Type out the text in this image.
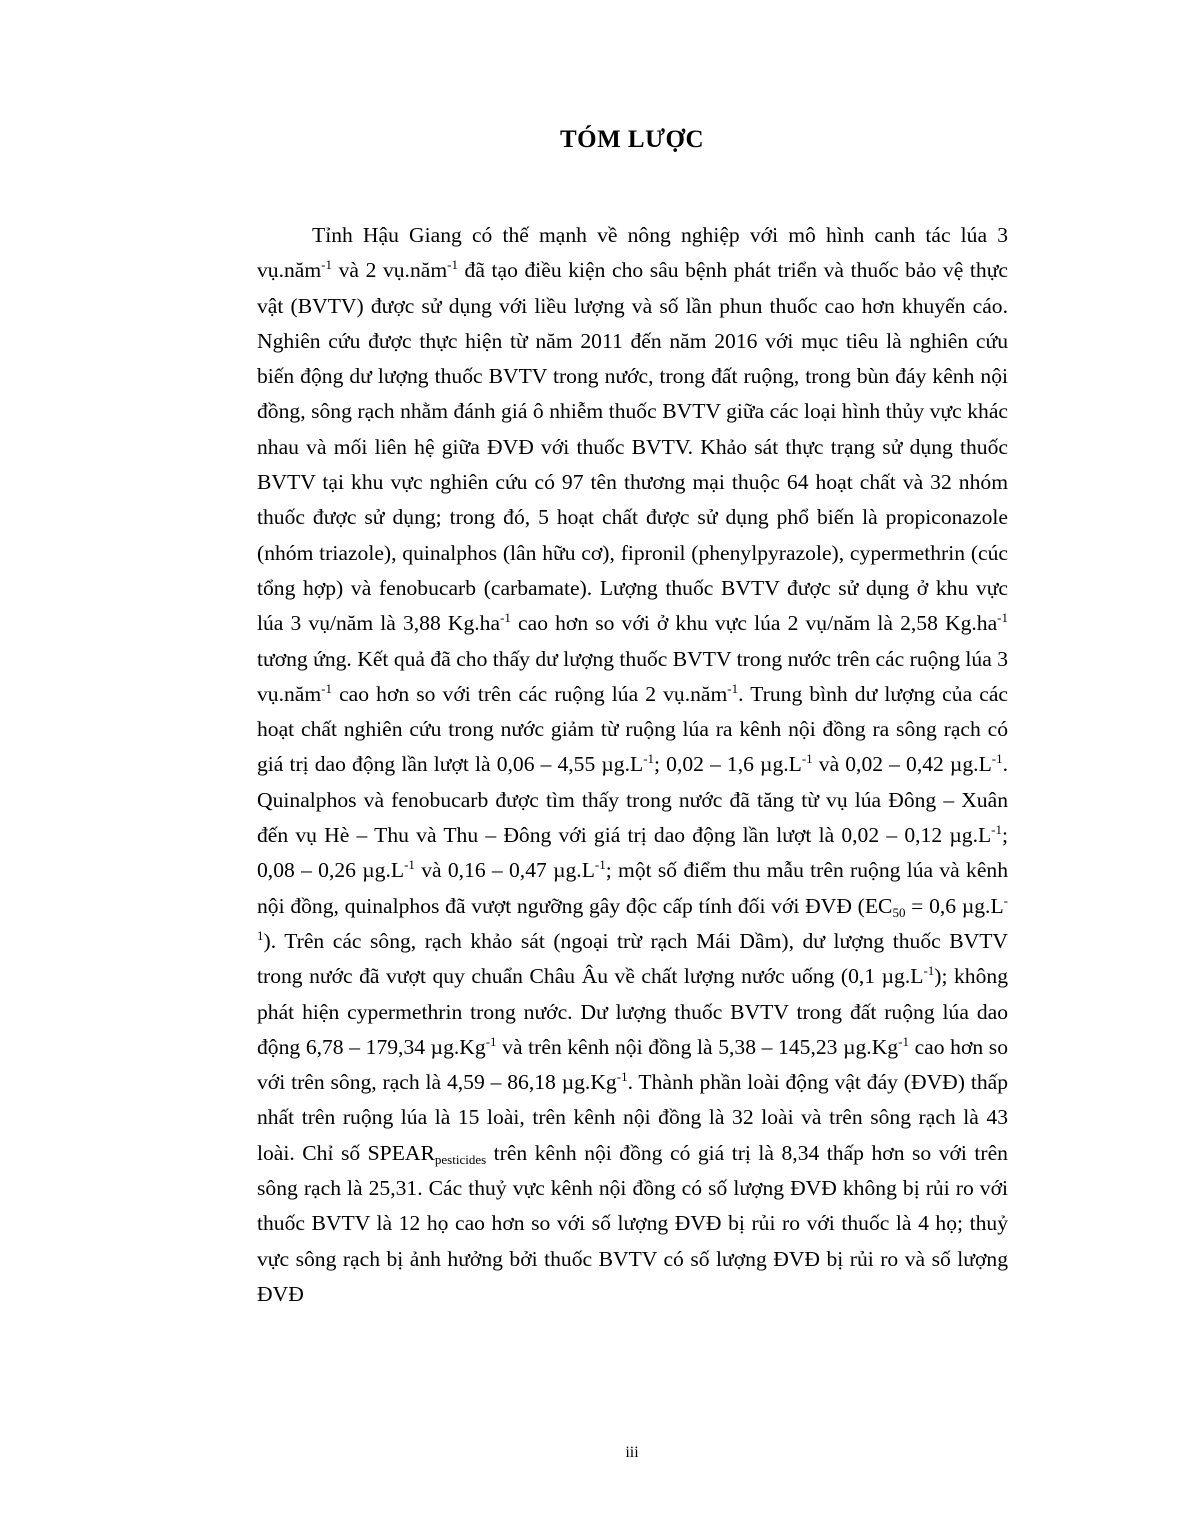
TÓM LƯỢC

Tỉnh Hậu Giang có thế mạnh về nông nghiệp với mô hình canh tác lúa 3 vụ.năm$^{-1}$ và 2 vụ.năm$^{-1}$ đã tạo điều kiện cho sâu bệnh phát triển và thuốc bảo vệ thực vật (BVTV) được sử dụng với liều lượng và số lần phun thuốc cao hơn khuyến cáo. Nghiên cứu được thực hiện từ năm 2011 đến năm 2016 với mục tiêu là nghiên cứu biến động dư lượng thuốc BVTV trong nước, trong đất ruộng, trong bùn đáy kênh nội đồng, sông rạch nhằm đánh giá ô nhiễm thuốc BVTV giữa các loại hình thủy vực khác nhau và mối liên hệ giữa ĐVĐ với thuốc BVTV. Khảo sát thực trạng sử dụng thuốc BVTV tại khu vực nghiên cứu có 97 tên thương mại thuộc 64 hoạt chất và 32 nhóm thuốc được sử dụng; trong đó, 5 hoạt chất được sử dụng phổ biến là propiconazole (nhóm triazole), quinalphos (lân hữu cơ), fipronil (phenylpyrazole), cypermethrin (cúc tổng hợp) và fenobucarb (carbamate). Lượng thuốc BVTV được sử dụng ở khu vực lúa 3 vụ/năm là 3,88 $Kg.ha^{-1}$ cao hơn so với ở khu vực lúa 2 vụ/năm là 2,58 $Kg.ha^{-1}$ tương ứng. Kết quả đã cho thấy dư lượng thuốc BVTV trong nước trên các ruộng lúa 3 vụ.năm$^{-1}$ cao hơn so với trên các ruộng lúa 2 vụ.năm$^{-1}$. Trung bình dư lượng của các hoạt chất nghiên cứu trong nước giảm từ ruộng lúa ra kênh nội đồng ra sông rạch có giá trị dao động lần lượt là 0,06 – 4,55 $\mu g.L^{-1}$; 0,02 – 1,6 $\mu g.L^{-1}$ và 0,02 – 0,42 $\mu g.L^{-1}$. Quinalphos và fenobucarb được tìm thấy trong nước đã tăng từ vụ lúa Đông – Xuân đến vụ Hè – Thu và Thu – Đông với giá trị dao động lần lượt là 0,02 – 0,12 $\mu g.L^{-1}$; 0,08 – 0,26 $\mu g.L^{-1}$ và 0,16 – 0,47 $\mu g.L^{-1}$; một số điểm thu mẫu trên ruộng lúa và kênh nội đồng, quinalphos đã vượt ngưỡng gây độc cấp tính đối với ĐVĐ ($EC_{50} = 0,6$ $\mu g.L^{-1}$). Trên các sông, rạch khảo sát (ngoại trừ rạch Mái Dầm), dư lượng thuốc BVTV trong nước đã vượt quy chuẩn Châu Âu về chất lượng nước uống (0,1 $\mu g.L^{-1}$); không phát hiện cypermethrin trong nước. Dư lượng thuốc BVTV trong đất ruộng lúa dao động 6,78 – 179,34 $\mu g.Kg^{-1}$ và trên kênh nội đồng là 5,38 – 145,23 $\mu g.Kg^{-1}$ cao hơn so với trên sông, rạch là 4,59 – 86,18 $\mu g.Kg^{-1}$. Thành phần loài động vật đáy (ĐVĐ) thấp nhất trên ruộng lúa là 15 loài, trên kênh nội đồng là 32 loài và trên sông rạch là 43 loài. Chỉ số $SPEAR_{pesticides}$ trên kênh nội đồng có giá trị là 8,34 thấp hơn so với trên sông rạch là 25,31. Các thuỷ vực kênh nội đồng có số lượng ĐVĐ không bị rủi ro với thuốc BVTV là 12 họ cao hơn so với số lượng ĐVĐ bị rủi ro với thuốc là 4 họ; thuỷ vực sông rạch bị ảnh hưởng bởi thuốc BVTV có số lượng ĐVĐ bị rủi ro và số lượng ĐVĐ

iii
